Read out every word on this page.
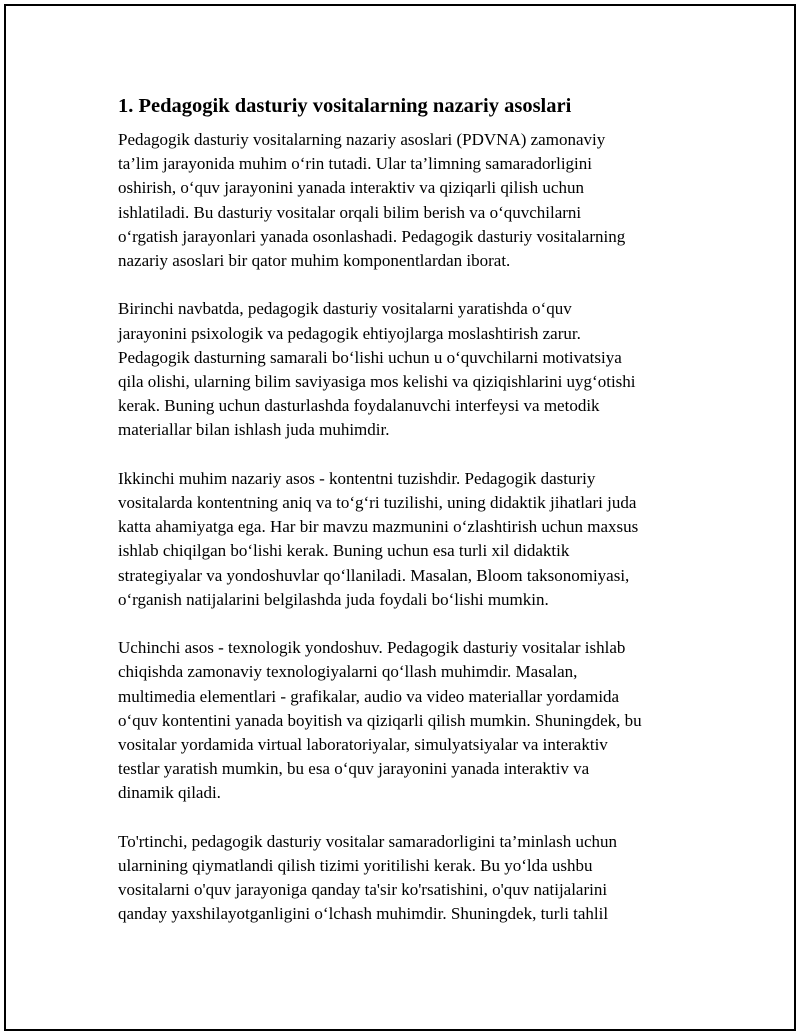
1. Pedagogik dasturiy vositalarning nazariy asoslari
Pedagogik dasturiy vositalarning nazariy asoslari (PDVNA) zamonaviy
ta’lim jarayonida muhim o‘rin tutadi. Ular ta’limning samaradorligini
oshirish, o‘quv jarayonini yanada interaktiv va qiziqarli qilish uchun
ishlatiladi. Bu dasturiy vositalar orqali bilim berish va o‘quvchilarni
o‘rgatish jarayonlari yanada osonlashadi. Pedagogik dasturiy vositalarning
nazariy asoslari bir qator muhim komponentlardan iborat.
Birinchi navbatda, pedagogik dasturiy vositalarni yaratishda o‘quv
jarayonini psixologik va pedagogik ehtiyojlarga moslashtirish zarur.
Pedagogik dasturning samarali bo‘lishi uchun u o‘quvchilarni motivatsiya
qila olishi, ularning bilim saviyasiga mos kelishi va qiziqishlarini uyg‘otishi
kerak. Buning uchun dasturlashda foydalanuvchi interfeysi va metodik
materiallar bilan ishlash juda muhimdir.
Ikkinchi muhim nazariy asos - kontentni tuzishdir. Pedagogik dasturiy
vositalarda kontentning aniq va to‘g‘ri tuzilishi, uning didaktik jihatlari juda
katta ahamiyatga ega. Har bir mavzu mazmunini o‘zlashtirish uchun maxsus
ishlab chiqilgan bo‘lishi kerak. Buning uchun esa turli xil didaktik
strategiyalar va yondoshuvlar qo‘llaniladi. Masalan, Bloom taksonomiyasi,
o‘rganish natijalarini belgilashda juda foydali bo‘lishi mumkin.
Uchinchi asos - texnologik yondoshuv. Pedagogik dasturiy vositalar ishlab
chiqishda zamonaviy texnologiyalarni qo‘llash muhimdir. Masalan,
multimedia elementlari - grafikalar, audio va video materiallar yordamida
o‘quv kontentini yanada boyitish va qiziqarli qilish mumkin. Shuningdek, bu
vositalar yordamida virtual laboratoriyalar, simulyatsiyalar va interaktiv
testlar yaratish mumkin, bu esa o‘quv jarayonini yanada interaktiv va
dinamik qiladi.
To'rtinchi, pedagogik dasturiy vositalar samaradorligini ta’minlash uchun
ularnining qiymatlandi qilish tizimi yoritilishi kerak. Bu yo‘lda ushbu
vositalarni o'quv jarayoniga qanday ta'sir ko'rsatishini, o'quv natijalarini
qanday yaxshilayotganligini o‘lchash muhimdir. Shuningdek, turli tahlil
